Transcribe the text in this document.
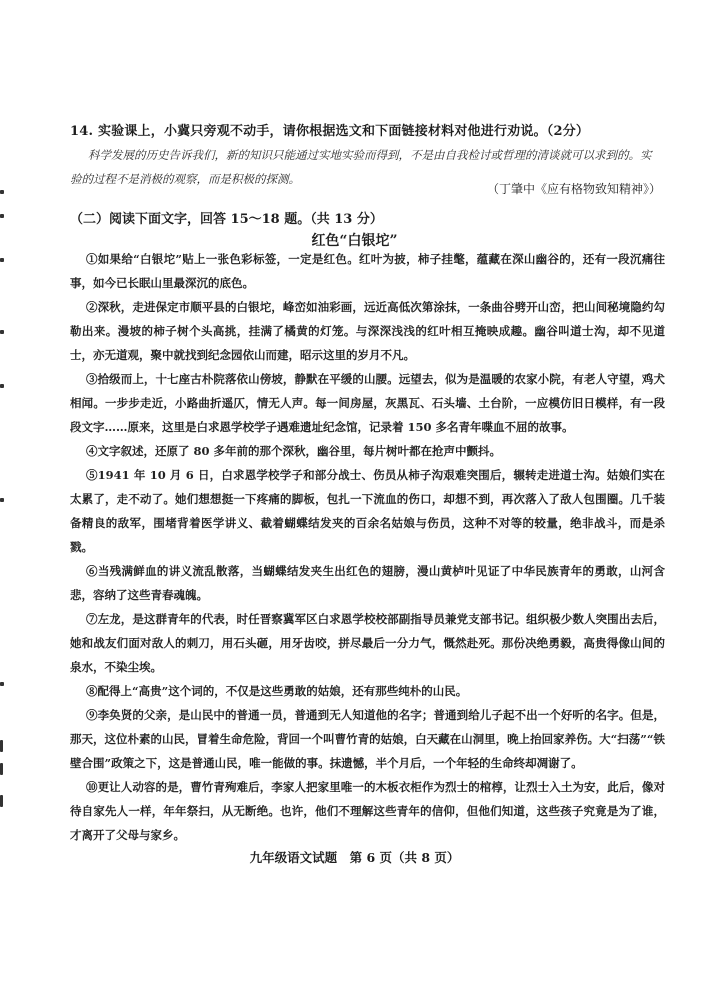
14. 实验课上，小冀只旁观不动手，请你根据选文和下面链接材料对他进行劝说。（2分）
科学发展的历史告诉我们，新的知识只能通过实地实验而得到，不是由自我检讨或哲理的清谈就可以求到的。实验的过程不是消极的观察，而是积极的探测。
（丁肇中《应有格物致知精神》）
（二）阅读下面文字，回答 15～18 题。（共 13 分）
红色“白银坨”

①如果给“白银坨”贴上一张色彩标签，一定是红色。红叶为披，柿子挂氅，蕴藏在深山幽谷的，还有一段沉痛往事，如今已长眠山里最深沉的底色。

②深秋，走进保定市顺平县的白银坨，峰峦如油彩画，远近高低次第涂抹，一条曲谷劈开山峦，把山间秘境隐约勾勒出来。漫坡的柿子树个头高挑，挂满了橘黄的灯笼。与深深浅浅的红叶相互掩映成趣。幽谷叫道士沟，却不见道士，亦无道观，聚中就找到纪念园依山而建，昭示这里的岁月不凡。

③拾级而上，十七座古朴院落依山傍坡，静默在平缓的山腰。远望去，似为是温暖的农家小院，有老人守望，鸡犬相闻。一步步走近，小路曲折遥仄，情无人声。每一间房屋，灰黑瓦、石头墙、土台阶，一应模仿旧日模样，有一段段文字……原来，这里是白求恩学校学子遇难遗址纪念馆，记录着 150 多名青年喋血不屈的故事。

④文字叙述，还原了 80 多年前的那个深秋，幽谷里，每片树叶都在抢声中颤抖。

⑤1941 年 10 月 6 日，白求恩学校学子和部分战士、伤员从柿子沟艰难突围后，辗转走进道士沟。姑娘们实在太累了，走不动了。她们想想挺一下疼痛的脚板，包扎一下流血的伤口，却想不到，再次落入了敌人包围圈。几千装备精良的敌军，围堵背着医学讲义、截着蝴蝶结发夹的百余名姑娘与伤员，这种不对等的较量，绝非战斗，而是杀戮。

⑥当残满鲜血的讲义流乱散落，当蝴蝶结发夹生出红色的翅膀，漫山黄栌叶见证了中华民族青年的勇敢，山河含悲，容纳了这些青春魂魄。

⑦左龙，是这群青年的代表，时任晋察冀军区白求恩学校校部副指导员兼党支部书记。组织极少数人突围出去后，她和战友们面对敌人的刺刀，用石头砸，用牙齿咬，拼尽最后一分力气，慨然赴死。那份决绝勇毅，高贵得像山间的泉水，不染尘埃。

⑧配得上“高贵”这个词的，不仅是这些勇敢的姑娘，还有那些纯朴的山民。

⑨李奂贤的父亲，是山民中的普通一员，普通到无人知道他的名字；普通到给儿子起不出一个好听的名字。但是，那天，这位朴素的山民，冒着生命危险，背回一个叫曹竹青的姑娘，白天藏在山洞里，晚上抬回家养伤。大“扫荡”“铁壁合围”政策之下，这是普通山民，唯一能做的事。抹遗憾，半个月后，一个年轻的生命终却凋谢了。

⑩更让人动容的是，曹竹青殉难后，李家人把家里唯一的木板衣柜作为烈士的棺椁，让烈士入土为安，此后，像对待自家先人一样，年年祭扫，从无断绝。也许，他们不理解这些青年的信仰，但他们知道，这些孩子究竟是为了谁，才离开了父母与家乡。

九年级语文试题　第 6 页（共 8 页）
